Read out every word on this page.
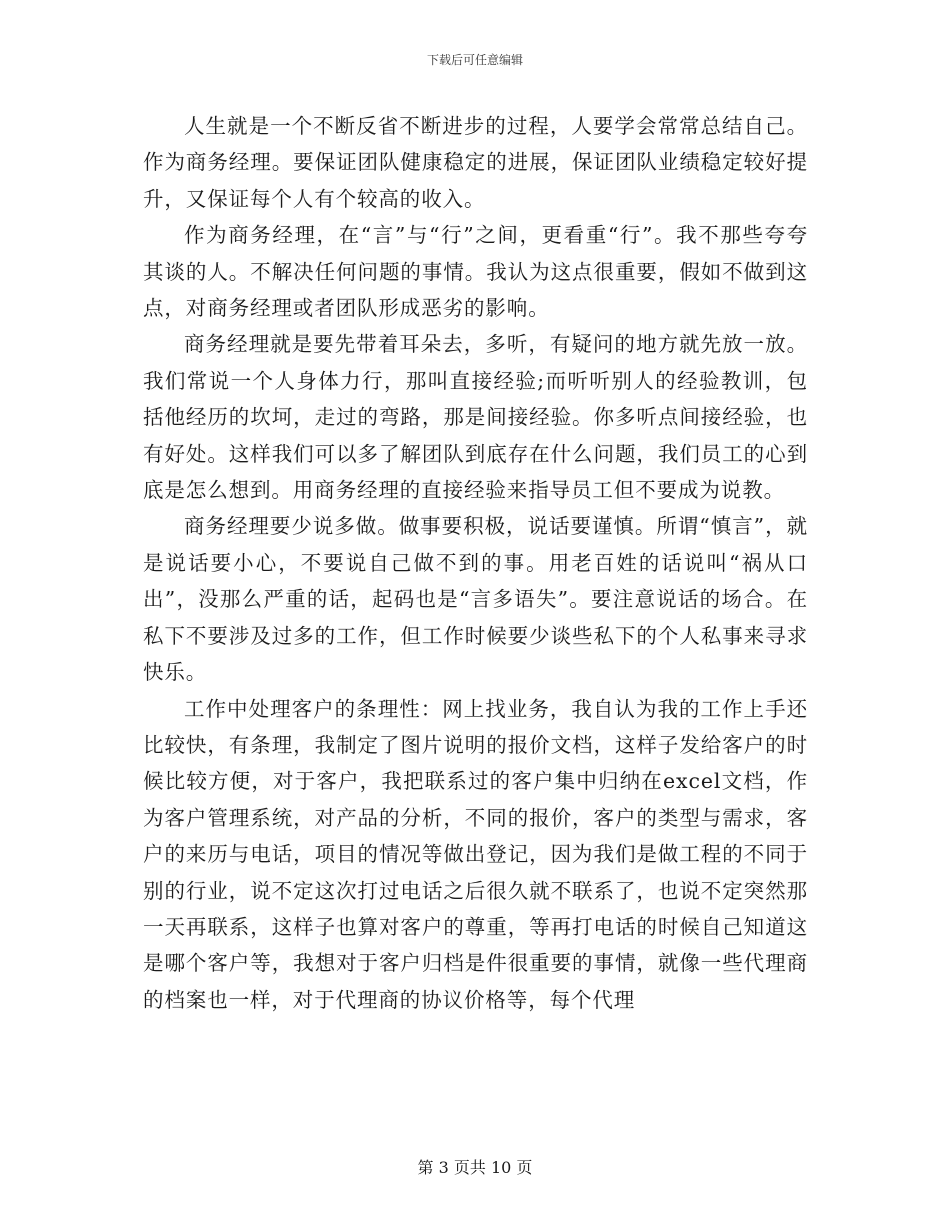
下载后可任意编辑

人生就是一个不断反省不断进步的过程，人要学会常常总结自己。作为商务经理。要保证团队健康稳定的进展，保证团队业绩稳定较好提升，又保证每个人有个较高的收入。

作为商务经理，在“言”与“行”之间，更看重“行”。我不那些夸夸其谈的人。不解决任何问题的事情。我认为这点很重要，假如不做到这点，对商务经理或者团队形成恶劣的影响。

商务经理就是要先带着耳朵去，多听，有疑问的地方就先放一放。我们常说一个人身体力行，那叫直接经验;而听听别人的经验教训，包括他经历的坎坷，走过的弯路，那是间接经验。你多听点间接经验，也有好处。这样我们可以多了解团队到底存在什么问题，我们员工的心到底是怎么想到。用商务经理的直接经验来指导员工但不要成为说教。

商务经理要少说多做。做事要积极，说话要谨慎。所谓“慎言”，就是说话要小心，不要说自己做不到的事。用老百姓的话说叫“祸从口出”，没那么严重的话，起码也是“言多语失”。要注意说话的场合。在私下不要涉及过多的工作，但工作时候要少谈些私下的个人私事来寻求快乐。

工作中处理客户的条理性：网上找业务，我自认为我的工作上手还比较快，有条理，我制定了图片说明的报价文档，这样子发给客户的时候比较方便，对于客户，我把联系过的客户集中归纳在excel文档，作为客户管理系统，对产品的分析，不同的报价，客户的类型与需求，客户的来历与电话，项目的情况等做出登记，因为我们是做工程的不同于别的行业，说不定这次打过电话之后很久就不联系了，也说不定突然那一天再联系，这样子也算对客户的尊重，等再打电话的时候自己知道这是哪个客户等，我想对于客户归档是件很重要的事情，就像一些代理商的档案也一样，对于代理商的协议价格等，每个代理

第 3 页共 10 页
